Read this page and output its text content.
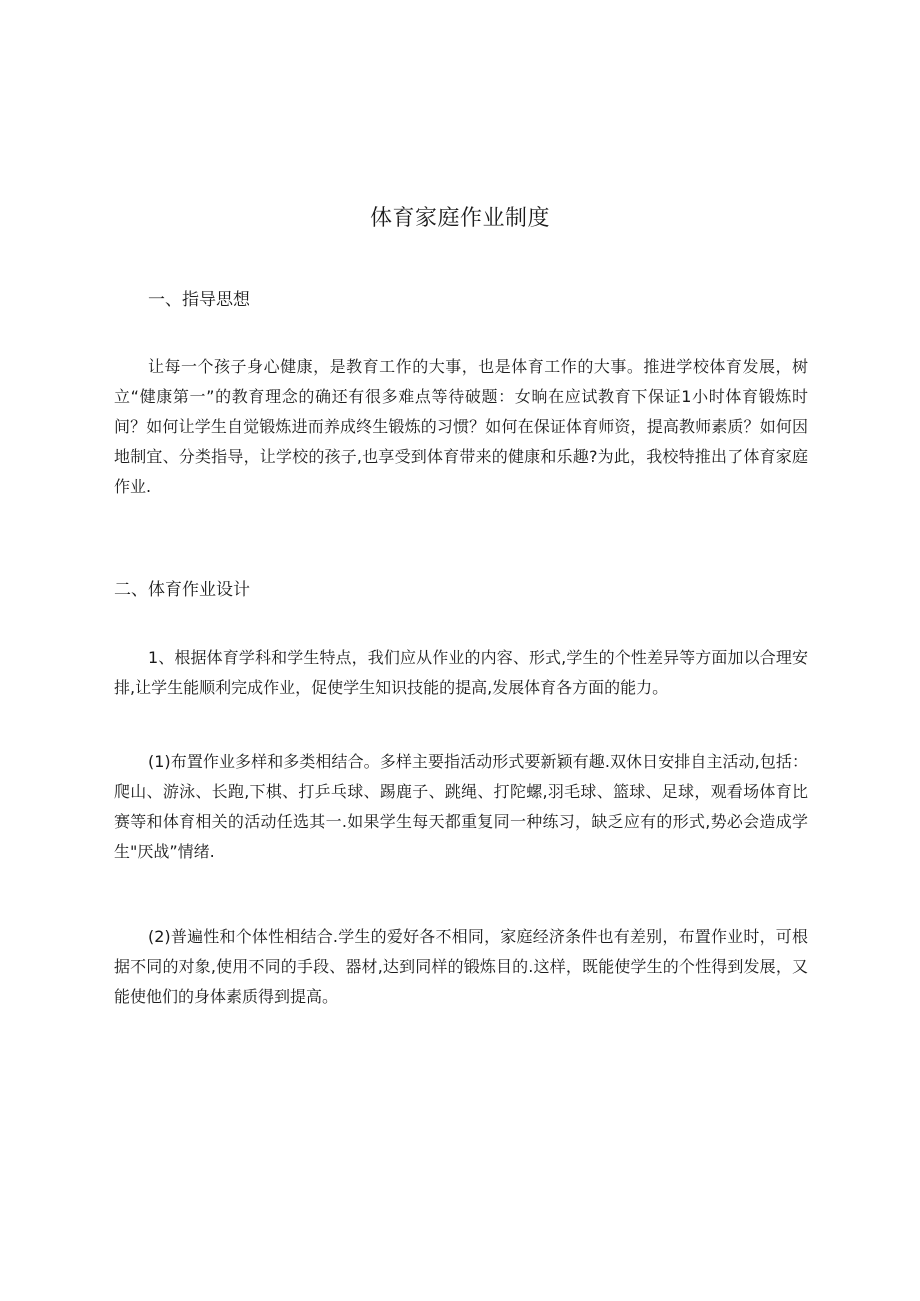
体育家庭作业制度
一、指导思想
让每一个孩子身心健康，是教育工作的大事，也是体育工作的大事。推进学校体育发展，树立“健康第一”的教育理念的确还有很多难点等待破题：女晌在应试教育下保证1小时体育锻炼时间？如何让学生自觉锻炼进而养成终生锻炼的习惯？如何在保证体育师资，提高教师素质？如何因地制宜、分类指导，让学校的孩子,也享受到体育带来的健康和乐趣?为此，我校特推出了体育家庭作业.
二、体育作业设计
1、根据体育学科和学生特点，我们应从作业的内容、形式,学生的个性差异等方面加以合理安排,让学生能顺利完成作业，促使学生知识技能的提高,发展体育各方面的能力。
(1)布置作业多样和多类相结合。多样主要指活动形式要新颖有趣.双休日安排自主活动,包括：爬山、游泳、长跑,下棋、打乒乓球、踢鹿子、跳绳、打陀螺,羽毛球、篮球、足球，观看场体育比赛等和体育相关的活动任选其一.如果学生每天都重复同一种练习，缺乏应有的形式,势必会造成学生"厌战”情绪.
(2)普遍性和个体性相结合.学生的爱好各不相同，家庭经济条件也有差别，布置作业时，可根据不同的对象,使用不同的手段、器材,达到同样的锻炼目的.这样，既能使学生的个性得到发展，又能使他们的身体素质得到提高。
